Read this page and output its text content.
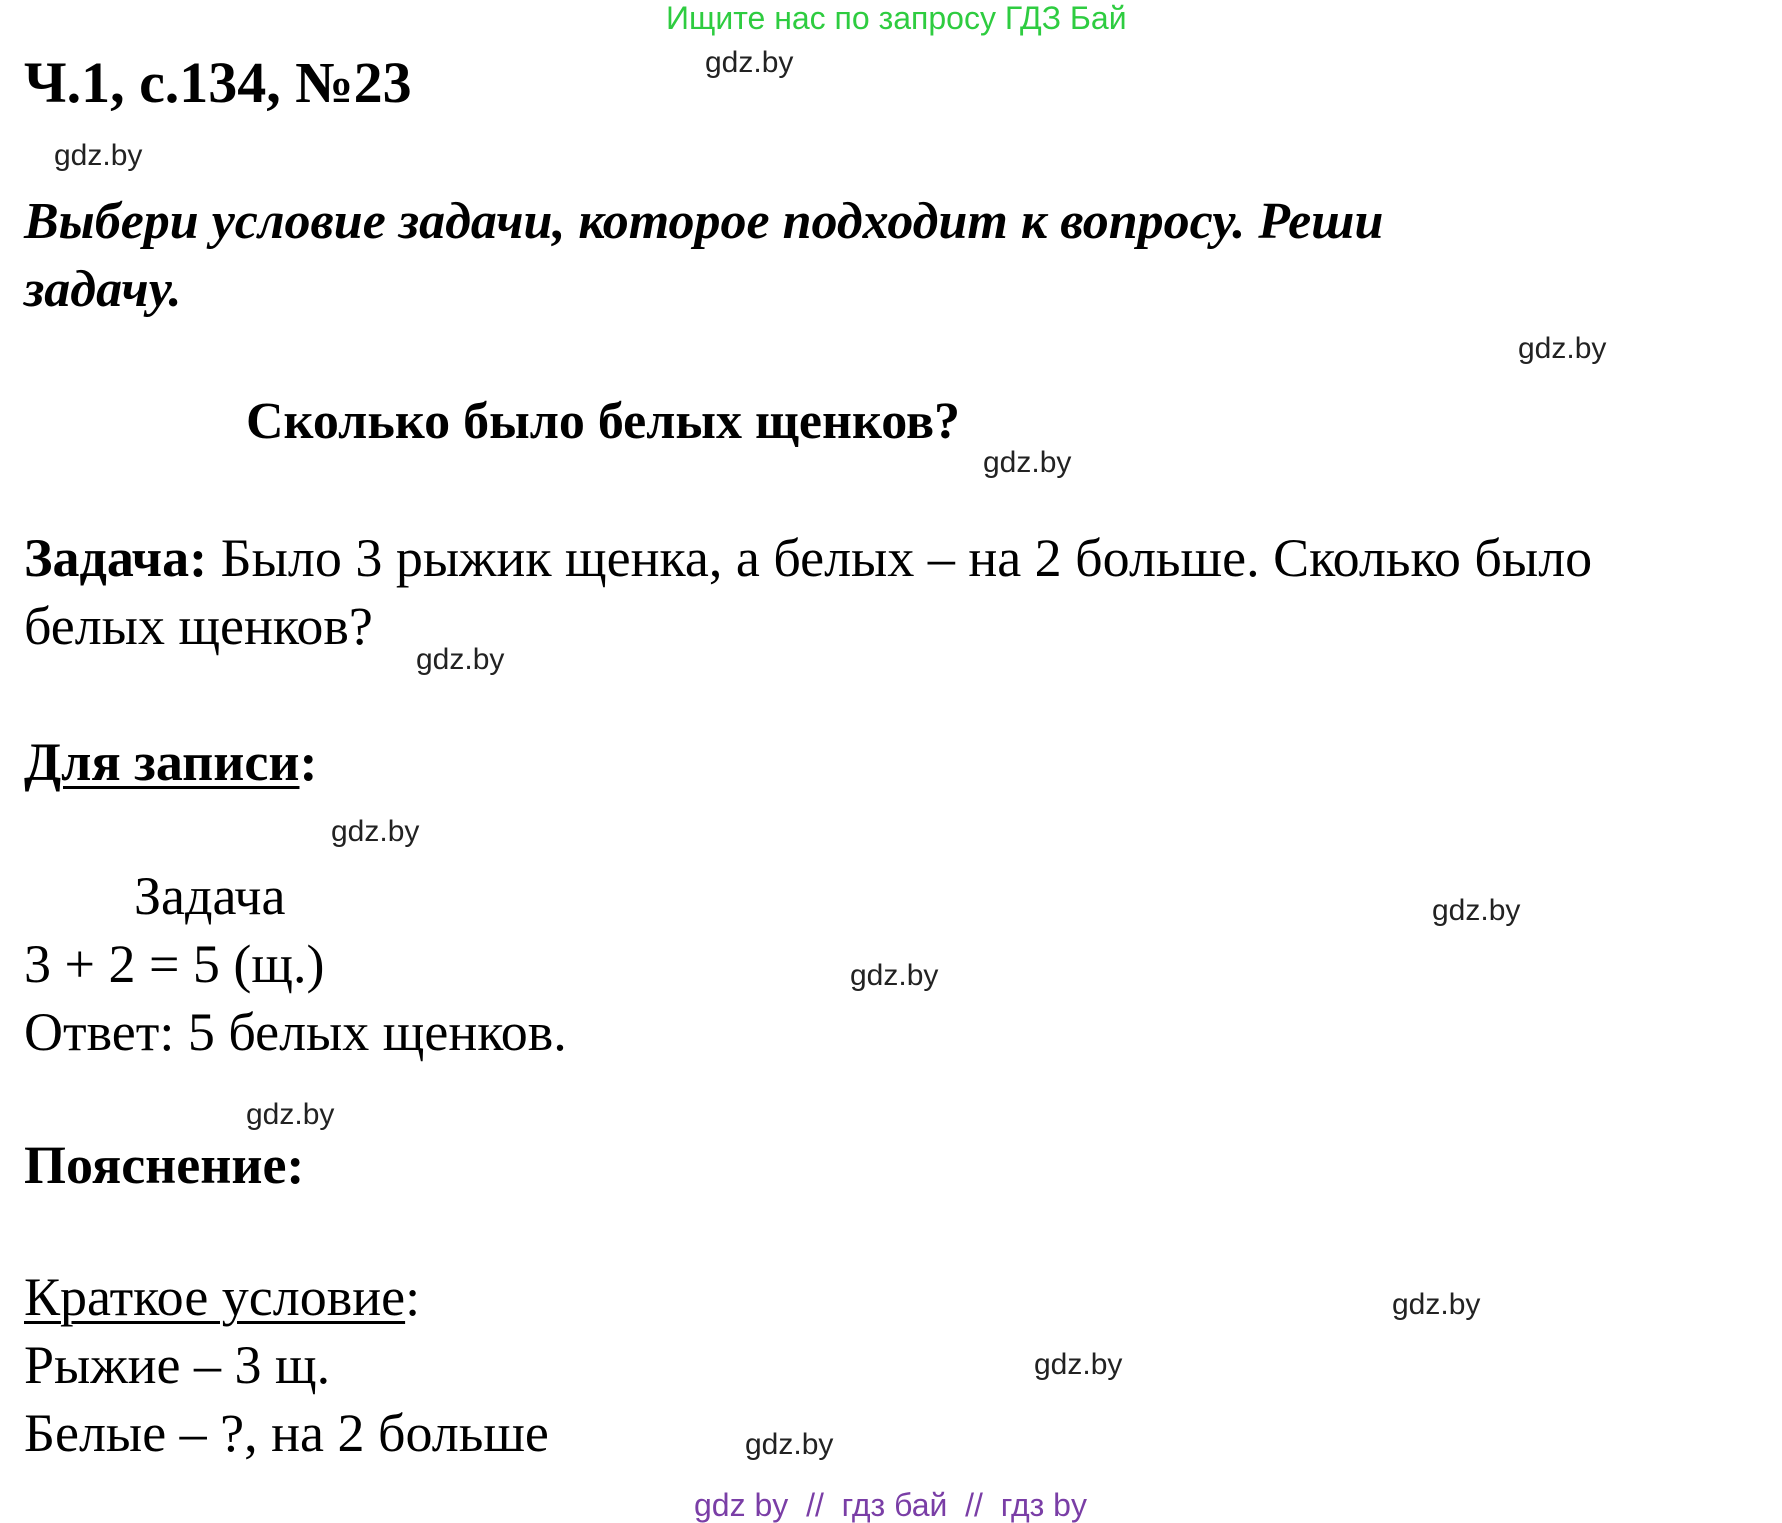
Ищите нас по запросу ГДЗ Бай
Ч.1, с.134, №23
Выбери условие задачи, которое подходит к вопросу. Реши
задачу.
Сколько было белых щенков?
Задача: Было 3 рыжик щенка, а белых – на 2 больше. Сколько было
белых щенков?
Для записи:
Задача
3 + 2 = 5 (щ.)
Ответ: 5 белых щенков.
Пояснение:
Краткое условие:
Рыжие – 3 щ.
Белые – ?, на 2 больше
gdz.by
gdz.by
gdz.by
gdz.by
gdz.by
gdz.by
gdz.by
gdz.by
gdz.by
gdz.by
gdz.by
gdz.by
gdz by  //  гдз бай  //  гдз by
